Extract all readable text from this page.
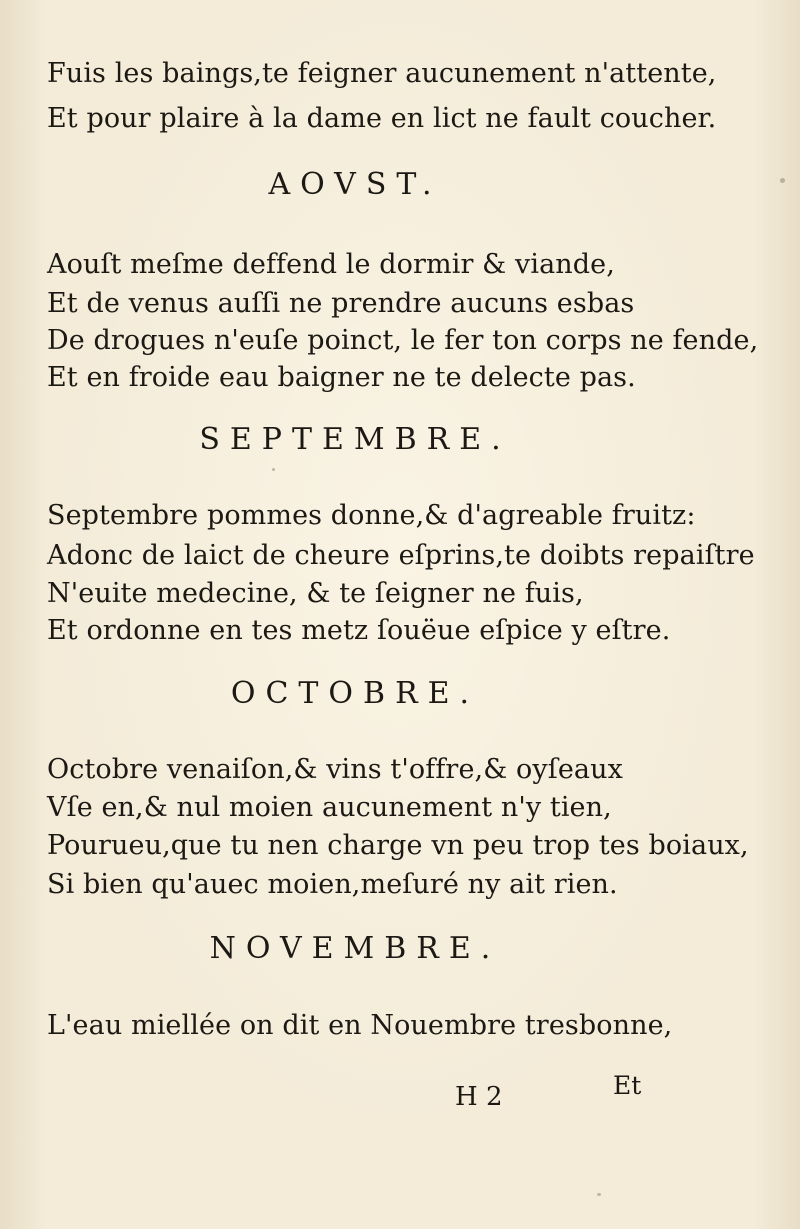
Fuis les baings,te feigner aucunement n'attente,
Et pour plaire à la dame en lict ne fault coucher.
AOVST.
Aouſt meſme deffend le dormir & viande,
Et de venus auſſi ne prendre aucuns esbas
De drogues n'euſe poinct, le fer ton corps ne fende,
Et en froide eau baigner ne te delecte pas.
SEPTEMBRE.
Septembre pommes donne,& d'agreable fruitz:
Adonc de laict de cheure eſprins,te doibts repaiſtre
N'euite medecine, & te ſeigner ne fuis,
Et ordonne en tes metz ſouëue eſpice y eſtre.
OCTOBRE.
Octobre venaiſon,& vins t'offre,& oyſeaux
Vſe en,& nul moien aucunement n'y tien,
Pourueu,que tu nen charge vn peu trop tes boiaux,
Si bien qu'auec moien,meſuré ny ait rien.
NOVEMBRE.
L'eau miellée on dit en Nouembre tresbonne,
H 2	Et
